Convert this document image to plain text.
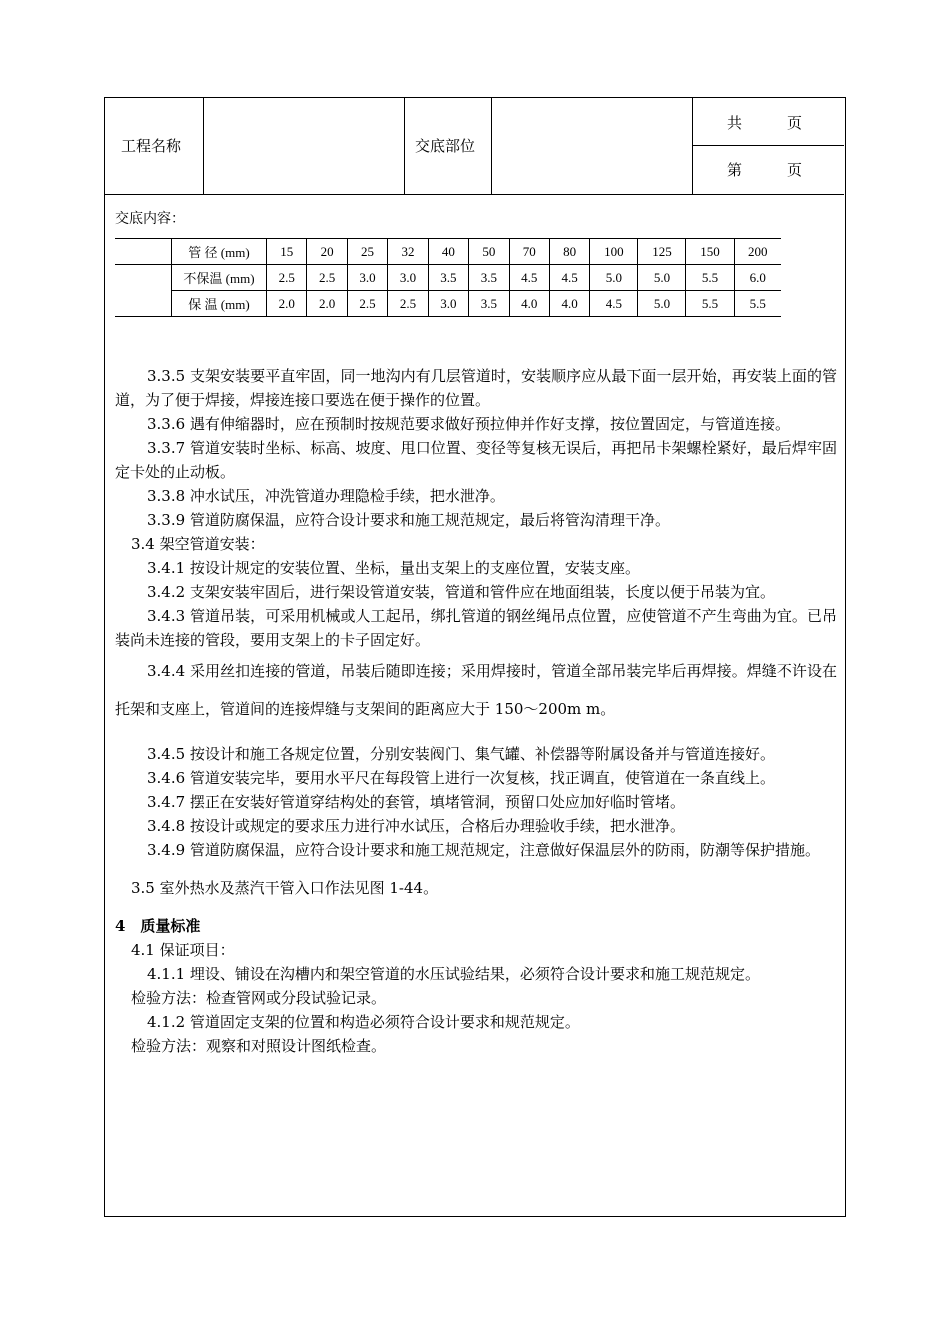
工程名称	交底部位
共　　　页
第　　　页
交底内容：
	管 径 (mm)	15	20	25	32	40	50	70	80	100	125	150	200
	不保温 (mm)	2.5	2.5	3.0	3.0	3.5	3.5	4.5	4.5	5.0	5.0	5.5	6.0
	保 温 (mm)	2.0	2.0	2.5	2.5	3.0	3.5	4.0	4.0	4.5	5.0	5.5	5.5

3.3.5 支架安装要平直牢固，同一地沟内有几层管道时，安装顺序应从最下面一层开始，再安装上面的管道，为了便于焊接，焊接连接口要选在便于操作的位置。

3.3.6 遇有伸缩器时，应在预制时按规范要求做好预拉伸并作好支撑，按位置固定，与管道连接。

3.3.7 管道安装时坐标、标高、坡度、甩口位置、变径等复核无误后，再把吊卡架螺栓紧好，最后焊牢固定卡处的止动板。

3.3.8 冲水试压，冲洗管道办理隐检手续，把水泄净。

3.3.9 管道防腐保温，应符合设计要求和施工规范规定，最后将管沟清理干净。

3.4 架空管道安装：

3.4.1 按设计规定的安装位置、坐标，量出支架上的支座位置，安装支座。

3.4.2 支架安装牢固后，进行架设管道安装，管道和管件应在地面组装，长度以便于吊装为宜。

3.4.3 管道吊装，可采用机械或人工起吊，绑扎管道的钢丝绳吊点位置，应使管道不产生弯曲为宜。已吊装尚未连接的管段，要用支架上的卡子固定好。

3.4.4 采用丝扣连接的管道，吊装后随即连接；采用焊接时，管道全部吊装完毕后再焊接。焊缝不许设在托架和支座上，管道间的连接焊缝与支架间的距离应大于 150～200m m。

3.4.5 按设计和施工各规定位置，分别安装阀门、集气罐、补偿器等附属设备并与管道连接好。

3.4.6 管道安装完毕，要用水平尺在每段管上进行一次复核，找正调直，使管道在一条直线上。

3.4.7 摆正在安装好管道穿结构处的套管，填堵管洞，预留口处应加好临时管堵。

3.4.8 按设计或规定的要求压力进行冲水试压，合格后办理验收手续，把水泄净。

3.4.9 管道防腐保温，应符合设计要求和施工规范规定，注意做好保温层外的防雨，防潮等保护措施。

3.5 室外热水及蒸汽干管入口作法见图 1-44。

4　质量标准

4.1 保证项目：

4.1.1 埋设、铺设在沟槽内和架空管道的水压试验结果，必须符合设计要求和施工规范规定。

检验方法：检查管网或分段试验记录。

4.1.2 管道固定支架的位置和构造必须符合设计要求和规范规定。

检验方法：观察和对照设计图纸检查。
